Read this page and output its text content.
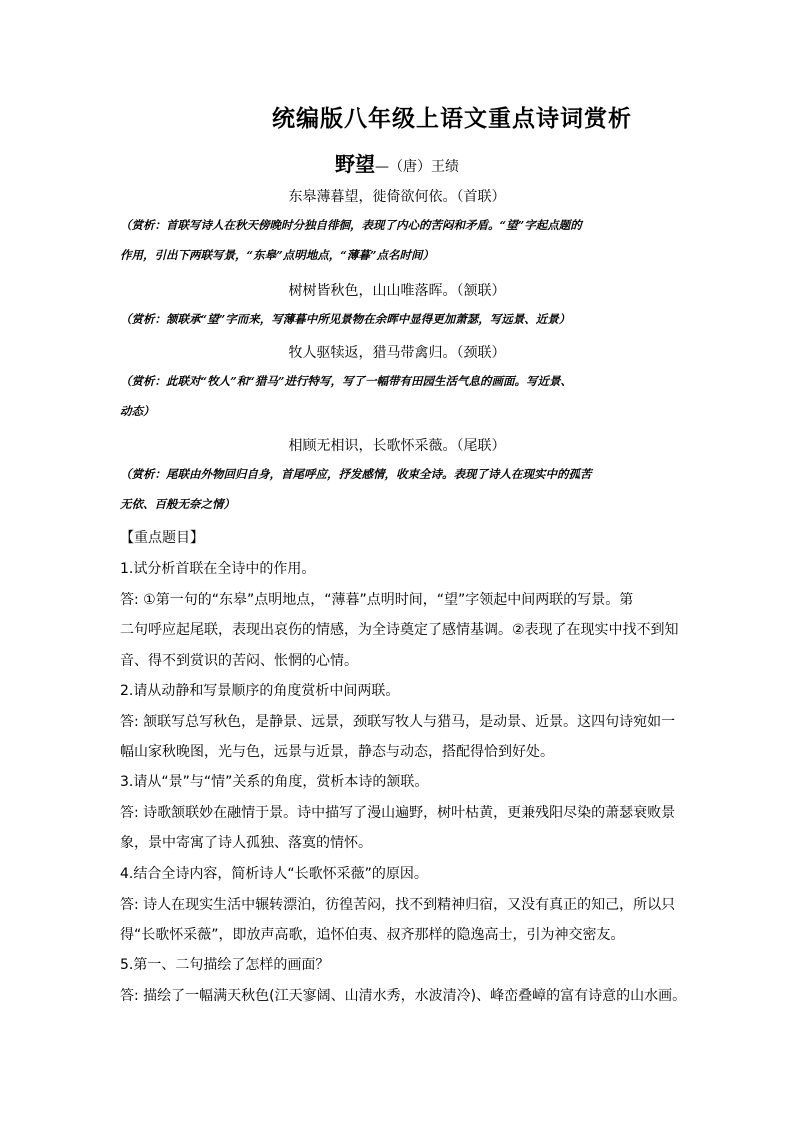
统编版八年级上语文重点诗词赏析
野望—（唐）王绩
东皋薄暮望，徙倚欲何依。（首联）
（赏析：首联写诗人在秋天傍晚时分独自徘徊，表现了内心的苦闷和矛盾。“望”字起点题的
作用，引出下两联写景，“东皋”点明地点，“薄暮”点名时间）
树树皆秋色，山山唯落晖。（颔联）
（赏析：颔联承“望”字而来，写薄暮中所见景物在余晖中显得更加萧瑟，写远景、近景）
牧人驱犊返，猎马带禽归。（颈联）
（赏析：此联对“牧人”和“猎马”进行特写，写了一幅带有田园生活气息的画面。写近景、
动态）
相顾无相识，长歌怀采薇。（尾联）
（赏析：尾联由外物回归自身，首尾呼应，抒发感情，收束全诗。表现了诗人在现实中的孤苦
无依、百般无奈之情）
【重点题目】
1.试分析首联在全诗中的作用。
答: ①第一句的“东皋”点明地点，“薄暮”点明时间，“望”字领起中间两联的写景。第
二句呼应起尾联，表现出哀伤的情感，为全诗奠定了感情基调。②表现了在现实中找不到知
音、得不到赏识的苦闷、怅惘的心情。
2.请从动静和写景顺序的角度赏析中间两联。
答: 颔联写总写秋色，是静景、远景，颈联写牧人与猎马，是动景、近景。这四句诗宛如一
幅山家秋晚图，光与色，远景与近景，静态与动态，搭配得恰到好处。
3.请从“景”与“情”关系的角度，赏析本诗的颔联。
答: 诗歌颔联妙在融情于景。诗中描写了漫山遍野，树叶枯黄，更兼残阳尽染的萧瑟衰败景
象，景中寄寓了诗人孤独、落寞的情怀。
4.结合全诗内容，简析诗人“长歌怀采薇”的原因。
答: 诗人在现实生活中辗转漂泊，彷徨苦闷，找不到精神归宿，又没有真正的知己，所以只
得“长歌怀采薇”，即放声高歌，追怀伯夷、叔齐那样的隐逸高士，引为神交密友。
5.第一、二句描绘了怎样的画面？
答: 描绘了一幅满天秋色(江天寥阔、山清水秀，水波清冷)、峰峦叠嶂的富有诗意的山水画。
